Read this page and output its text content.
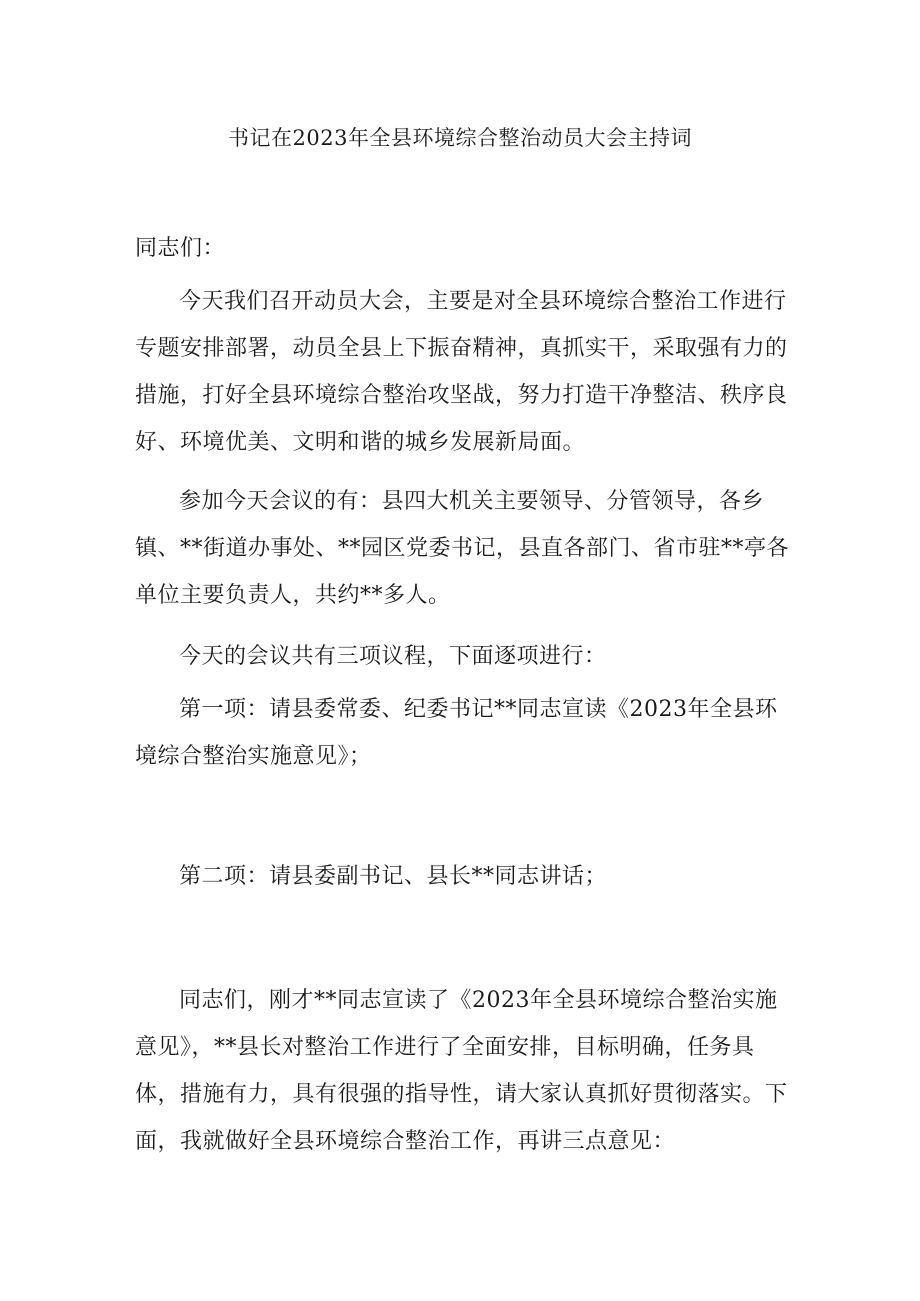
书记在2023年全县环境综合整治动员大会主持词

同志们：

今天我们召开动员大会，主要是对全县环境综合整治工作进行专题安排部署，动员全县上下振奋精神，真抓实干，采取强有力的措施，打好全县环境综合整治攻坚战，努力打造干净整洁、秩序良好、环境优美、文明和谐的城乡发展新局面。

参加今天会议的有：县四大机关主要领导、分管领导，各乡镇、**街道办事处、**园区党委书记，县直各部门、省市驻**亭各单位主要负责人，共约**多人。

今天的会议共有三项议程，下面逐项进行：

第一项：请县委常委、纪委书记**同志宣读《2023年全县环境综合整治实施意见》；

第二项：请县委副书记、县长**同志讲话；

同志们，刚才**同志宣读了《2023年全县环境综合整治实施意见》，**县长对整治工作进行了全面安排，目标明确，任务具体，措施有力，具有很强的指导性，请大家认真抓好贯彻落实。下面，我就做好全县环境综合整治工作，再讲三点意见：
